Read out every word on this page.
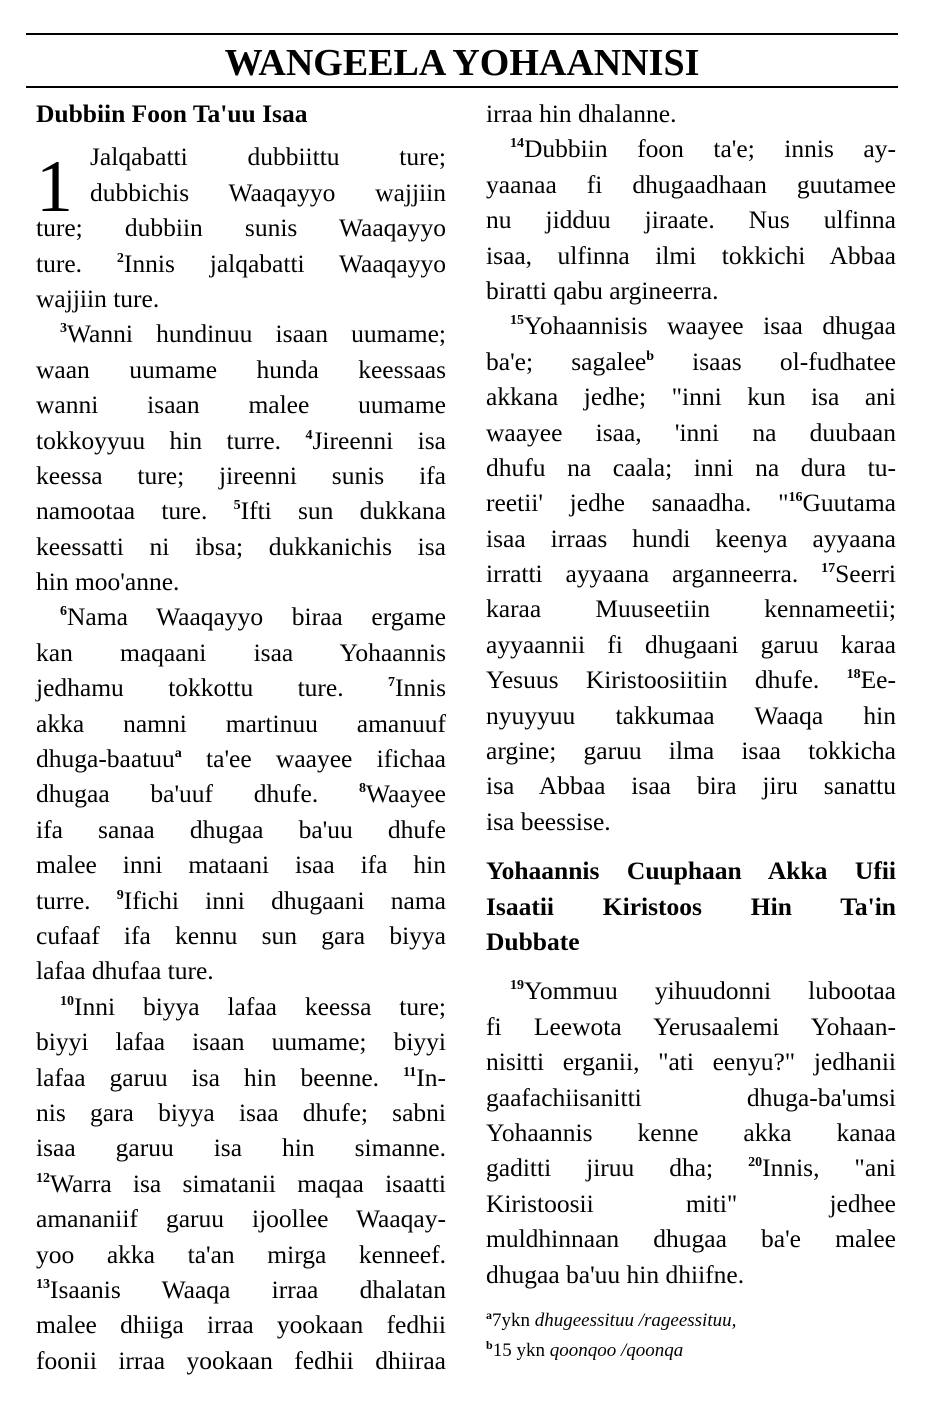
WANGEELA YOHAANNISI
1
Dubbiin Foon Ta'uu Isaa
Jalqabatti dubbiittu ture;
dubbichis Waaqayyo wajjiin
ture; dubbiin sunis Waaqayyo
ture. $^2$Innis jalqabatti Waaqayyo
wajjiin ture.
$^3$Wanni hundinuu isaan uumame;
waan uumame hunda keessaas
wanni isaan malee uumame
tokkoyyuu hin turre. $^4$Jireenni isa
keessa ture; jireenni sunis ifa
namootaa ture. $^5$Ifti sun dukkana
keessatti ni ibsa; dukkanichis isa
hin moo'anne.
$^6$Nama Waaqayyo biraa ergame
kan maqaani isaa Yohaannis
jedhamu tokkottu ture. $^7$Innis
akka namni martinuu amanuuf
dhuga-baatuu$^a$ ta'ee waayee ifichaa
dhugaa ba'uuf dhufe. $^8$Waayee
ifa sanaa dhugaa ba'uu dhufe
malee inni mataani isaa ifa hin
turre. $^9$Ifichi inni dhugaani nama
cufaaf ifa kennu sun gara biyya
lafaa dhufaa ture.
$^{10}$Inni biyya lafaa keessa ture;
biyyi lafaa isaan uumame; biyyi
lafaa garuu isa hin beenne. $^{11}$In-
nis gara biyya isaa dhufe; sabni
isaa garuu isa hin simanne.
$^{12}$Warra isa simatanii maqaa isaatti
amananiif garuu ijoollee Waaqay-
yoo akka ta'an mirga kenneef.
$^{13}$Isaanis Waaqa irraa dhalatan
malee dhiiga irraa yookaan fedhii
foonii irraa yookaan fedhii dhiiraa
irraa hin dhalanne.
$^{14}$Dubbiin foon ta'e; innis ay-
yaanaa fi dhugaadhaan guutamee
nu jidduu jiraate. Nus ulfinna
isaa, ulfinna ilmi tokkichi Abbaa
biratti qabu argineerra.
$^{15}$Yohaannisis waayee isaa dhugaa
ba'e; sagalee$^b$ isaas ol-fudhatee
akkana jedhe; "inni kun isa ani
waayee isaa, 'inni na duubaan
dhufu na caala; inni na dura tu-
reetii' jedhe sanaadha. "$^{16}$Guutama
isaa irraas hundi keenya ayyaana
irratti ayyaana arganneerra. $^{17}$Seerri
karaa Muuseetiin kennameetii;
ayyaannii fi dhugaani garuu karaa
Yesuus Kiristoosiitiin dhufe. $^{18}$Ee-
nyuyyuu takkumaa Waaqa hin
argine; garuu ilma isaa tokkicha
isa Abbaa isaa bira jiru sanattu
isa beessise.
Yohaannis Cuuphaan Akka Ufii
Isaatii Kiristoos Hin Ta'in
Dubbate
$^{19}$Yommuu yihuudonni lubootaa
fi Leewota Yerusaalemi Yohaan-
nisitti erganii, "ati eenyu?" jedhanii
gaafachiisanitti dhuga-ba'umsi
Yohaannis kenne akka kanaa
gaditti jiruu dha; $^{20}$Innis, "ani
Kiristoosii miti" jedhee
muldhinnaan dhugaa ba'e malee
dhugaa ba'uu hin dhiifne.
$^a$7ykn dhugeessituu /rageessituu,
$^b$15 ykn qoonqoo /qoonqa
